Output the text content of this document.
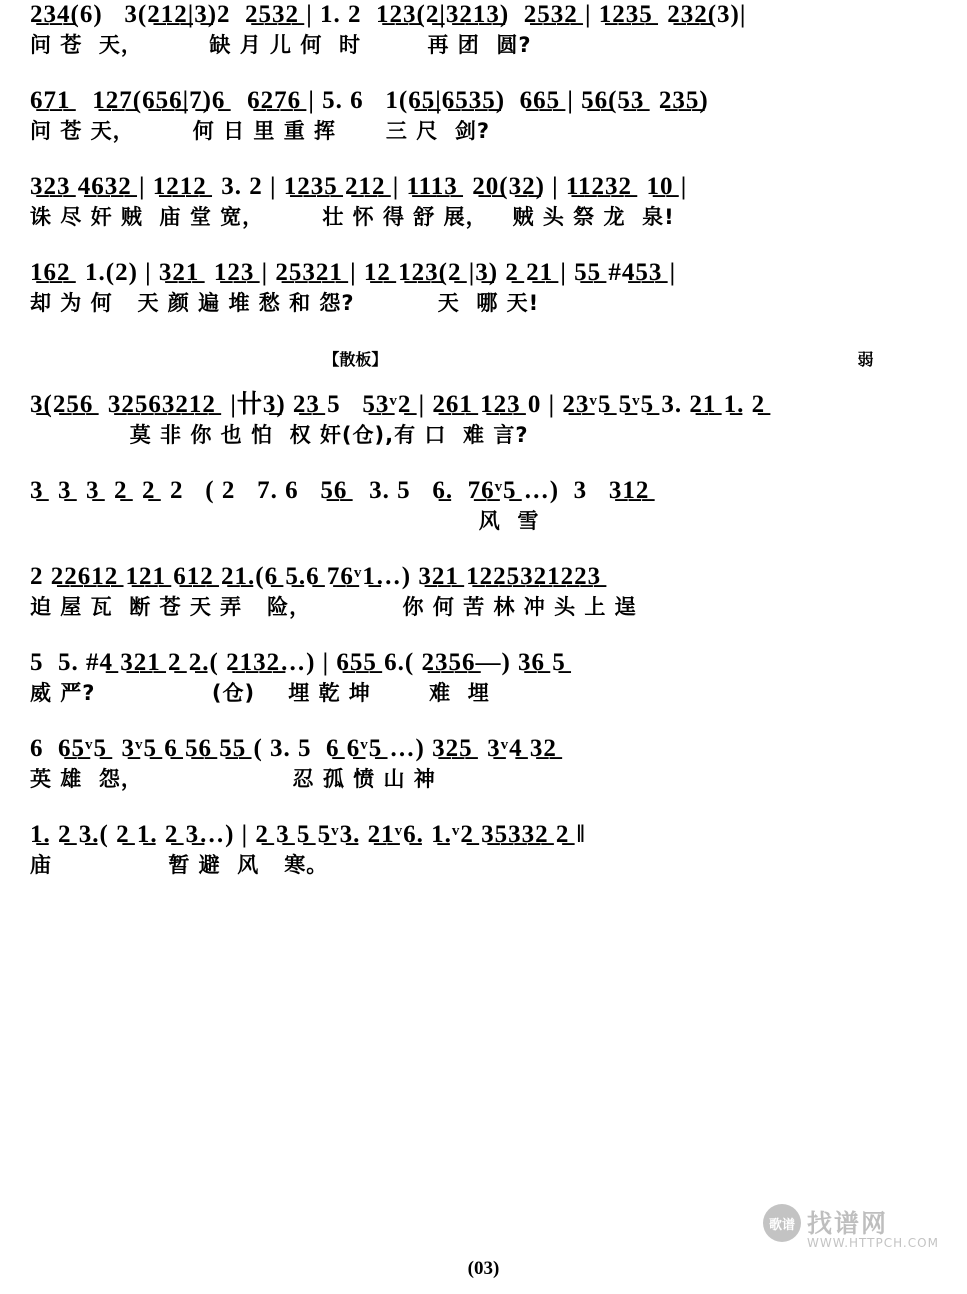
2̲3̲4̲(6)   3(2̲1̲2̲|3̲)2  2̲5̲3̲2̲ | 1. 2  1̲2̲3̲(2̲|3̲2̲1̲3̲)  2̲5̲3̲2̲ | 1̲2̲3̲5̲  2̲3̲2̲(3)|
问 苍  天，        缺 月 儿 何  时        再 团  圆?
6̲7̲1̲   1̲2̲7̲(6̲5̲6̲|7̲)6̲   6̲2̲7̲6̲ | 5. 6   1(6̲5̲|6̲5̲3̲5̲)  6̲6̲5̲ | 5̲6̲(5̲3̲  2̲3̲5̲)
问 苍 天，       何 日 里 重 挥      三 尺  剑?
3̲2̲3̲ 4̲6̲3̲2̲ | 1̲2̲1̲2̲  3. 2 | 1̲2̲3̲5̲ 2̲1̲2̲ | 1̲1̲1̲3̲  2̲0̲(3̲2̲) | 1̲1̲2̲3̲2̲  1̲0̲ |
诛 尽 奸 贼  庙 堂 宽，       壮 怀 得 舒 展，   贼 头 祭 龙  泉!
1̲6̲2̲  1.(2) | 3̲2̲1̲  1̲2̲3̲ | 2̲5̲3̲2̲1̲ | 1̲2̲ 1̲2̲3̲(2̲ |3̲) 2̲ 2̲1̲ | 5̲5̲ #4̲5̲3̲ |
却 为 何   天 颜 遍 堆 愁 和 怨?          天  哪 天!

【散板】	弱

3̲(2̲5̲6̲  3̲2̲5̲6̲3̲2̲1̲2̲  |卄3̲) 2̲3̲ 5   5̲3̲ᵛ2̲ | 2̲6̲1̲ 1̲2̲3̲ 0 | 2̲3̲ᵛ5̲ 5̲ᵛ5̲ 3. 2̲1̲ 1̲. 2̲
莫 非 你 也 怕  权 奸(仓),有 口  难 言?
3̲  3̲  3̲  2̲  2̲  2   ( 2   7. 6   5̲6̲   3. 5   6̲.  7̲6̲ᵛ5̲ …)  3   3̲1̲2̲
风  雪
2 2̲2̲6̲1̲2̲ 1̲2̲1̲ 6̲1̲2̲ 2̲1̲.(6̲ 5̲.6̲ 7̲6̲ᵛ1̲…) 3̲2̲1̲ 1̲2̲2̲5̲3̲2̲1̲2̲2̲3̲
迫 屋 瓦  断 苍 天 弄   险，           你 何 苦 林 冲 头 上 逞
5  5. #4̲ 3̲2̲1̲ 2̲ 2̲.( 2̲1̲3̲2̲…) | 6̲5̲5̲ 6.( 2̲3̲5̲6̲—) 3̲6̲ 5̲
威 严?              (仓)    埋 乾 坤       难  埋
6  6̲5̲ᵛ5̲  3̲ᵛ5̲ 6̲ 5̲6̲ 5̲5̲ ( 3. 5  6̲ 6̲ᵛ5̲ …) 3̲2̲5̲  3̲ᵛ4̲ 3̲2̲
英 雄  怨，                  忍 孤 愤 山 神
1̲. 2̲ 3̲.( 2̲ 1̲. 2̲ 3̲…) | 2̲ 3̲ 5̲ 5̲ᵛ3̲. 2̲1̲ᵛ6̲. 1̲.ᵛ2̲ 3̲5̲3̲3̲2̲ 2̲ ‖
庙              暂 避  风   寒。
歌谱 找谱网
WWW.HTTPCH.COM
(03)
